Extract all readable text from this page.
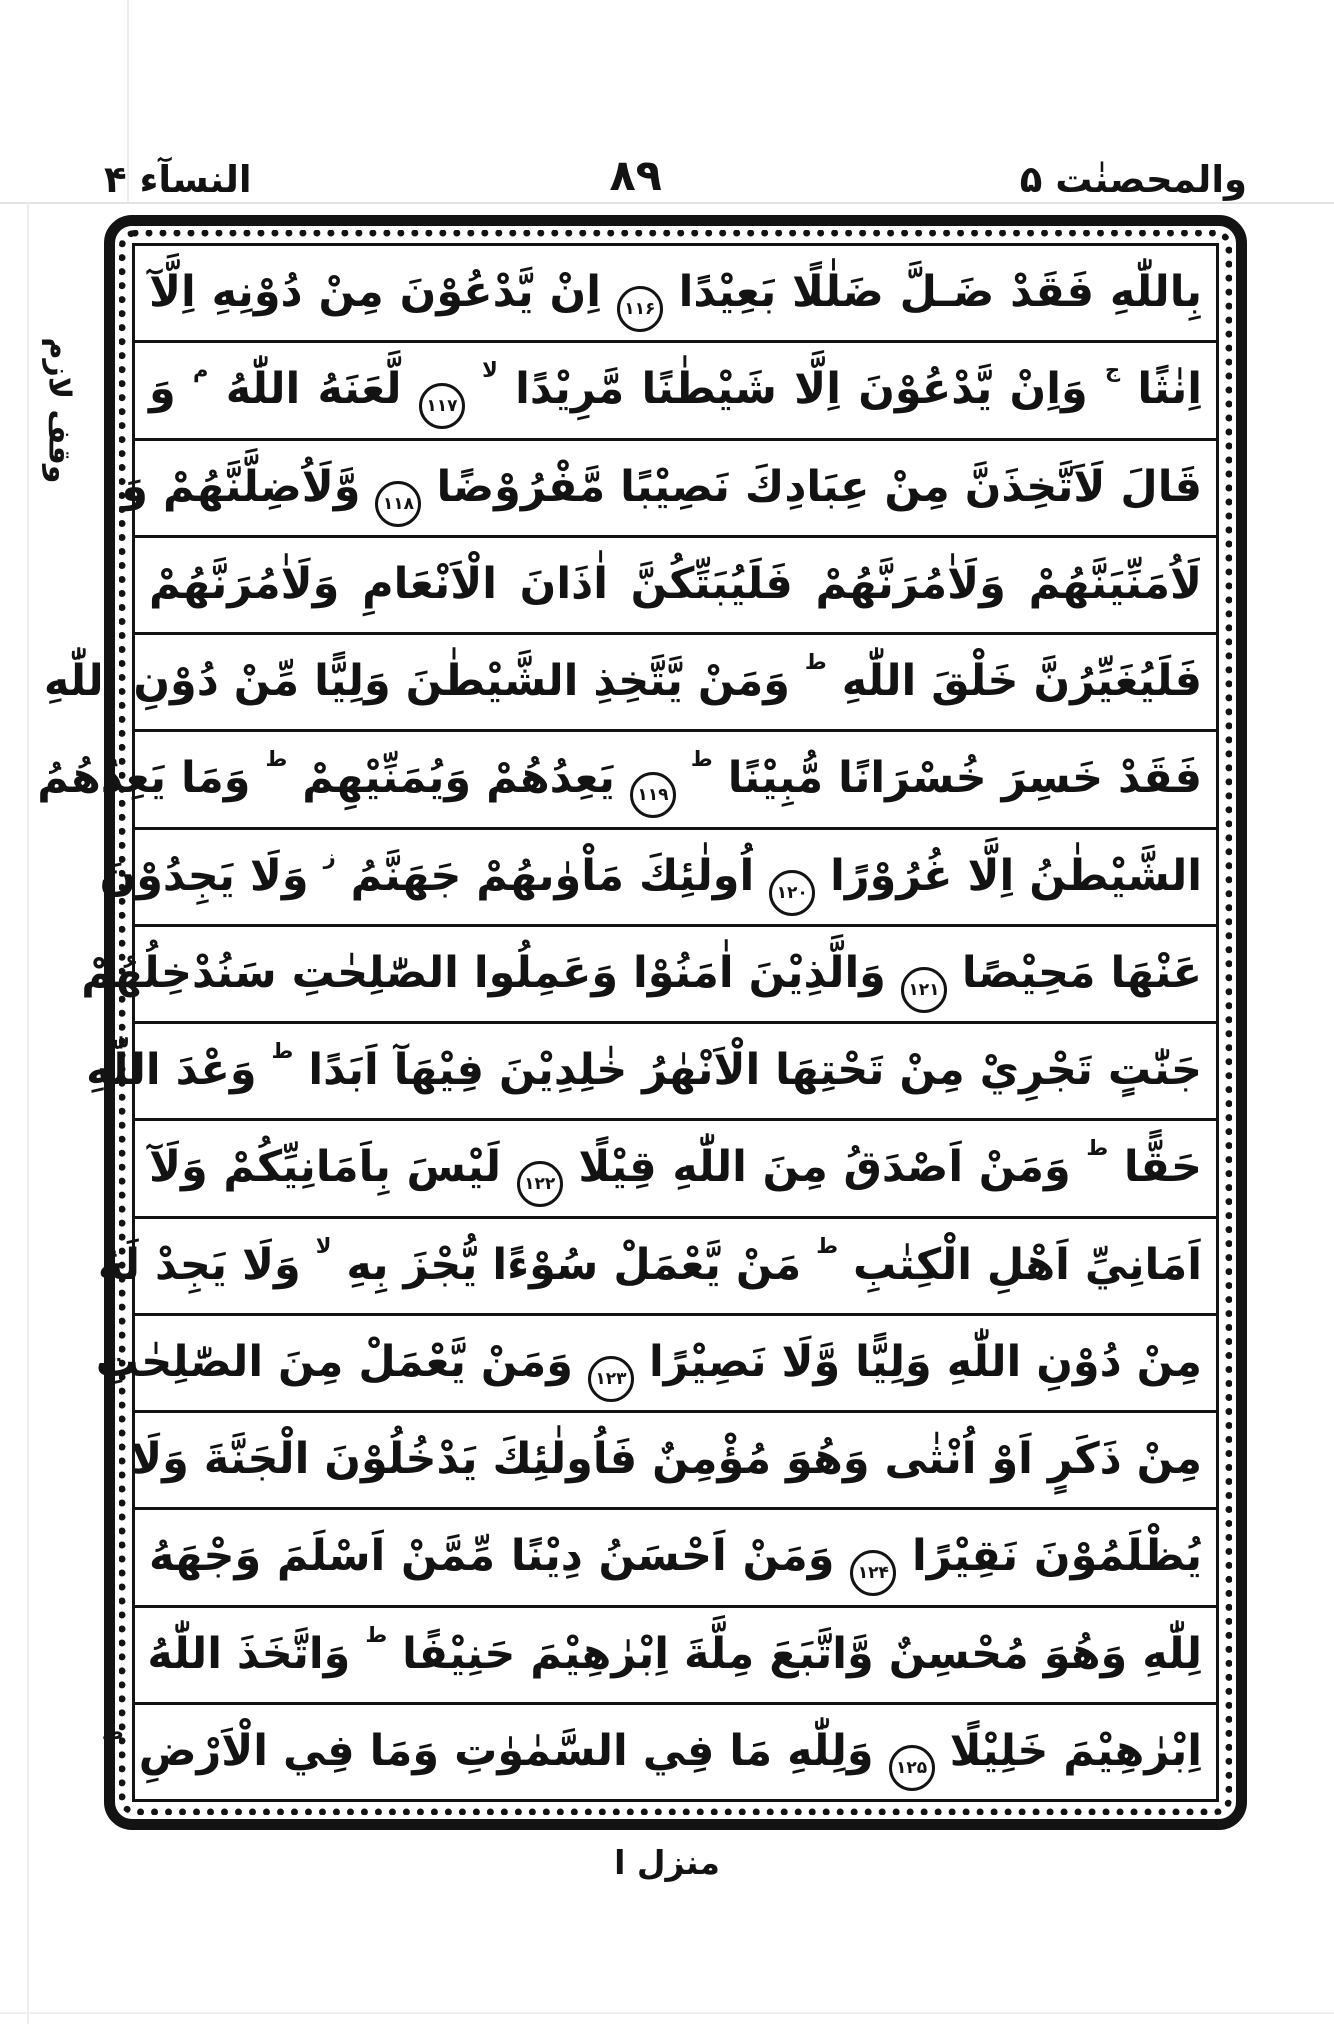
النسآء ۴	۸۹	والمحصنٰت ۵
وقف لازم
بِاللّٰهِ فَقَدْ ضَـلَّ ضَلٰلًا بَعِيْدًا ۱۱۶ اِنْ يَّدْعُوْنَ مِنْ دُوْنِهِ اِلَّآ
اِنٰثًا ج وَاِنْ يَّدْعُوْنَ اِلَّا شَيْطٰنًا مَّرِيْدًا لا ۱۱۷ لَّعَنَهُ اللّٰهُ م وَ
قَالَ لَاَتَّخِذَنَّ مِنْ عِبَادِكَ نَصِيْبًا مَّفْرُوْضًا ۱۱۸ وَّلَاُضِلَّنَّهُمْ وَ
لَاُمَنِّيَنَّهُمْ وَلَاٰمُرَنَّهُمْ فَلَيُبَتِّكُنَّ اٰذَانَ الْاَنْعَامِ وَلَاٰمُرَنَّهُمْ
فَلَيُغَيِّرُنَّ خَلْقَ اللّٰهِ ط وَمَنْ يَّتَّخِذِ الشَّيْطٰنَ وَلِيًّا مِّنْ دُوْنِ اللّٰهِ
فَقَدْ خَسِرَ خُسْرَانًا مُّبِيْنًا ط ۱۱۹ يَعِدُهُمْ وَيُمَنِّيْهِمْ ط وَمَا يَعِدُهُمُ
الشَّيْطٰنُ اِلَّا غُرُوْرًا ۱۲۰ اُولٰئِكَ مَاْوٰىهُمْ جَهَنَّمُ ز وَلَا يَجِدُوْنَ
عَنْهَا مَحِيْصًا ۱۲۱ وَالَّذِيْنَ اٰمَنُوْا وَعَمِلُوا الصّٰلِحٰتِ سَنُدْخِلُهُمْ
جَنّٰتٍ تَجْرِيْ مِنْ تَحْتِهَا الْاَنْهٰرُ خٰلِدِيْنَ فِيْهَآ اَبَدًا ط وَعْدَ اللّٰهِ
حَقًّا ط وَمَنْ اَصْدَقُ مِنَ اللّٰهِ قِيْلًا ۱۲۲ لَيْسَ بِاَمَانِيِّكُمْ وَلَآ
اَمَانِيِّ اَهْلِ الْكِتٰبِ ط مَنْ يَّعْمَلْ سُوْءًا يُّجْزَ بِهِ لا وَلَا يَجِدْ لَهُ
مِنْ دُوْنِ اللّٰهِ وَلِيًّا وَّلَا نَصِيْرًا ۱۲۳ وَمَنْ يَّعْمَلْ مِنَ الصّٰلِحٰتِ
مِنْ ذَكَرٍ اَوْ اُنْثٰى وَهُوَ مُؤْمِنٌ فَاُولٰئِكَ يَدْخُلُوْنَ الْجَنَّةَ وَلَا
يُظْلَمُوْنَ نَقِيْرًا ۱۲۴ وَمَنْ اَحْسَنُ دِيْنًا مِّمَّنْ اَسْلَمَ وَجْهَهُ
لِلّٰهِ وَهُوَ مُحْسِنٌ وَّاتَّبَعَ مِلَّةَ اِبْرٰهِيْمَ حَنِيْفًا ط وَاتَّخَذَ اللّٰهُ
اِبْرٰهِيْمَ خَلِيْلًا ۱۲۵ وَلِلّٰهِ مَا فِي السَّمٰوٰتِ وَمَا فِي الْاَرْضِ ط
منزل ا
